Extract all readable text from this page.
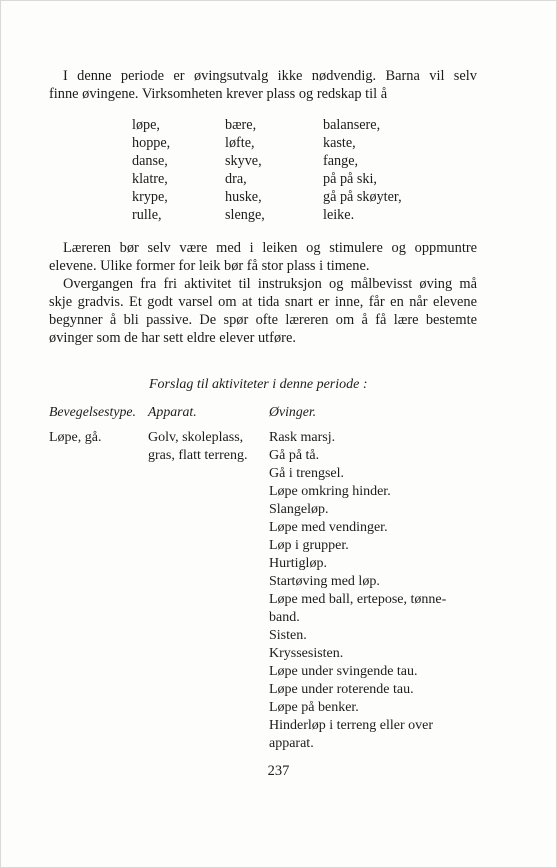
I denne periode er øvingsutvalg ikke nødvendig. Barna vil selv
finne øvingene. Virksomheten krever plass og redskap til å

løpe,
hoppe,
danse,
klatre,
krype,
rulle,
bære,
løfte,
skyve,
dra,
huske,
slenge,
balansere,
kaste,
fange,
på på ski,
gå på skøyter,
leike.

Læreren bør selv være med i leiken og stimulere og oppmuntre
elevene. Ulike former for leik bør få stor plass i timene.

Overgangen fra fri aktivitet til instruksjon og målbevisst øving må
skje gradvis. Et godt varsel om at tida snart er inne, får en når elevene
begynner å bli passive. De spør ofte læreren om å få lære bestemte
øvinger som de har sett eldre elever utføre.

Forslag til aktiviteter i denne periode :
Bevegelsestype. Apparat.	Øvinger.
Løpe, gå.	Golv, skoleplass,
gras, flatt terreng.
Rask marsj.
Gå på tå.
Gå i trengsel.
Løpe omkring hinder.
Slangeløp.
Løpe med vendinger.
Løp i grupper.
Hurtigløp.
Startøving med løp.
Løpe med ball, ertepose, tønne-
band.
Sisten.
Kryssesisten.
Løpe under svingende tau.
Løpe under roterende tau.
Løpe på benker.
Hinderløp i terreng eller over
apparat.
237
